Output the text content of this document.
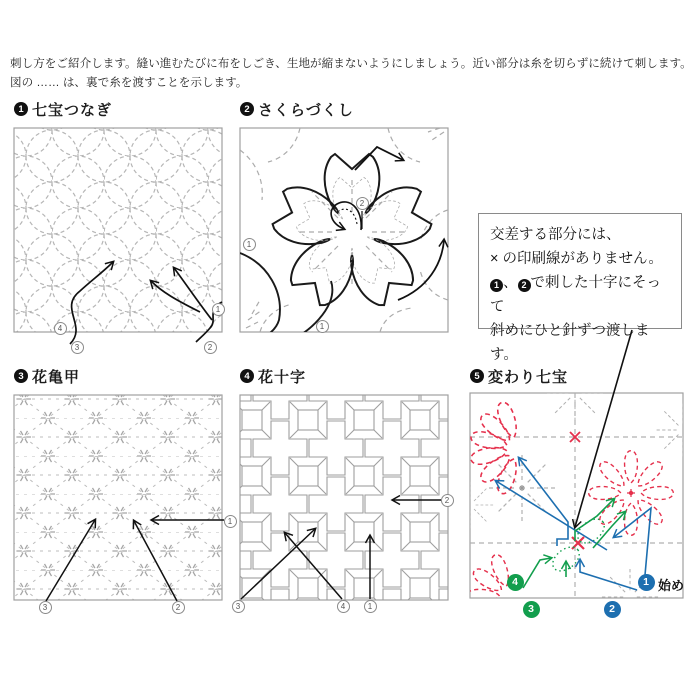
刺し方をご紹介します。縫い進むたびに布をしごき、生地が縮まないようにしましょう。近い部分は糸を切らずに続けて刺します。
図の …… は、裏で糸を渡すことを示します。
1 七宝つなぎ	2 さくらづくし
3 花亀甲	4 花十字	5 変わり七宝
交差する部分には、
× の印刷線がありません。
1 、 2 で刺した十字にそって
斜めにひと針ずつ渡します。
1
2
3
4
1
2
1
1
2
3	1
2
3	4
1
2
3
4	始め
